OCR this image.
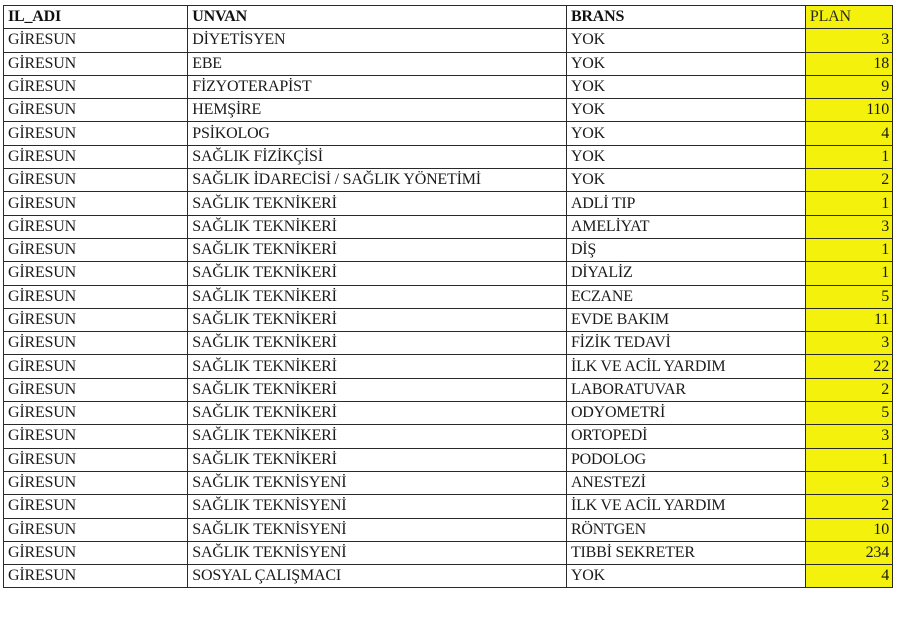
IL_ADI	UNVAN	BRANS	PLAN
GİRESUN	DİYETİSYEN	YOK	3
GİRESUN	EBE	YOK	18
GİRESUN	FİZYOTERAPİST	YOK	9
GİRESUN	HEMŞİRE	YOK	110
GİRESUN	PSİKOLOG	YOK	4
GİRESUN	SAĞLIK FİZİKÇİSİ	YOK	1
GİRESUN	SAĞLIK İDARECİSİ / SAĞLIK YÖNETİMİ	YOK	2
GİRESUN	SAĞLIK TEKNİKERİ	ADLİ TIP	1
GİRESUN	SAĞLIK TEKNİKERİ	AMELİYAT	3
GİRESUN	SAĞLIK TEKNİKERİ	DİŞ	1
GİRESUN	SAĞLIK TEKNİKERİ	DİYALİZ	1
GİRESUN	SAĞLIK TEKNİKERİ	ECZANE	5
GİRESUN	SAĞLIK TEKNİKERİ	EVDE BAKIM	11
GİRESUN	SAĞLIK TEKNİKERİ	FİZİK TEDAVİ	3
GİRESUN	SAĞLIK TEKNİKERİ	İLK VE ACİL YARDIM	22
GİRESUN	SAĞLIK TEKNİKERİ	LABORATUVAR	2
GİRESUN	SAĞLIK TEKNİKERİ	ODYOMETRİ	5
GİRESUN	SAĞLIK TEKNİKERİ	ORTOPEDİ	3
GİRESUN	SAĞLIK TEKNİKERİ	PODOLOG	1
GİRESUN	SAĞLIK TEKNİSYENİ	ANESTEZİ	3
GİRESUN	SAĞLIK TEKNİSYENİ	İLK VE ACİL YARDIM	2
GİRESUN	SAĞLIK TEKNİSYENİ	RÖNTGEN	10
GİRESUN	SAĞLIK TEKNİSYENİ	TIBBİ SEKRETER	234
GİRESUN	SOSYAL ÇALIŞMACI	YOK	4
